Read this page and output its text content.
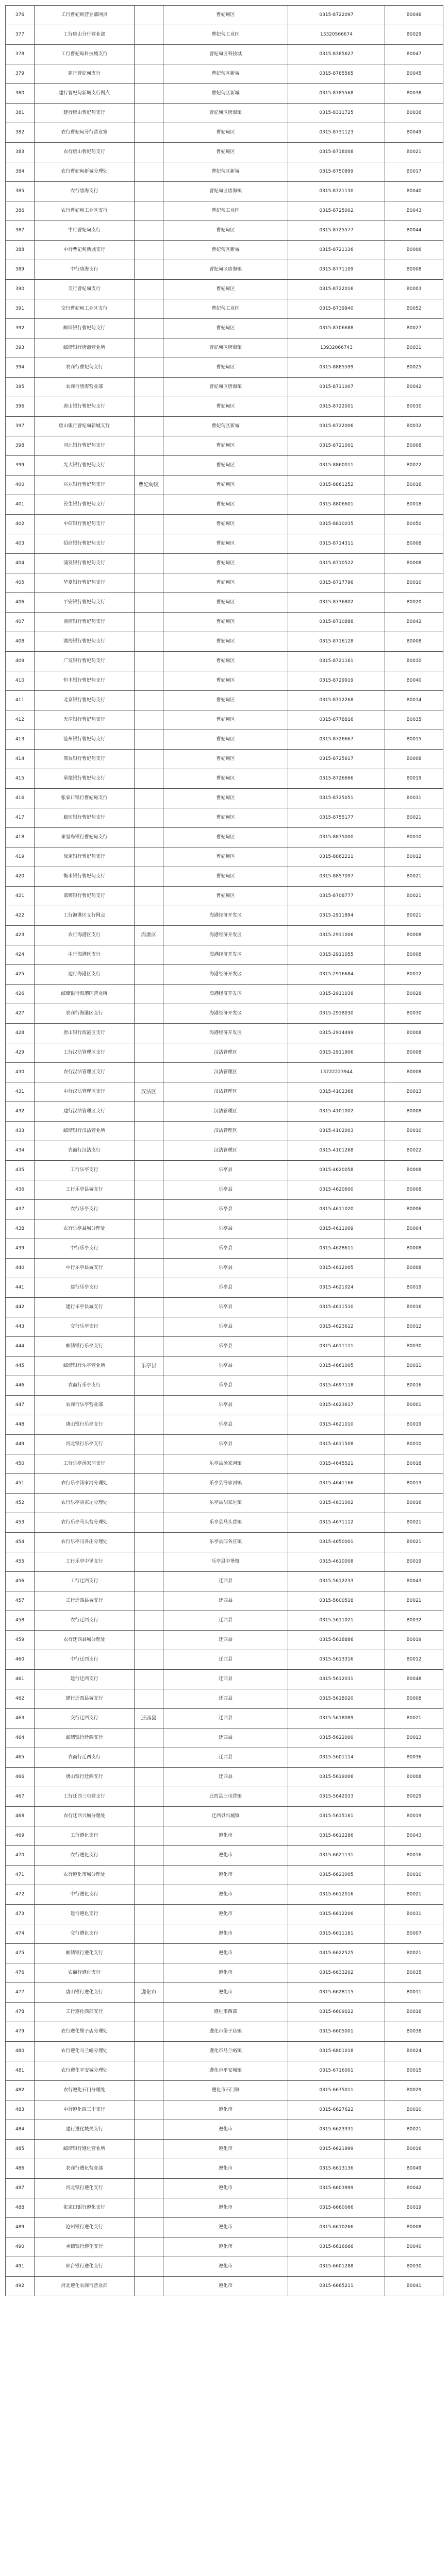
376	工行曹妃甸营业部网点		曹妃甸区	0315-8722097	B0046
377	工行唐山分行营业部		曹妃甸工业区	13320566674	B0029
378	工行曹妃甸科技城支行		曹妃甸区科技城	0315-8385627	B0047
379	建行曹妃甸支行		曹妃甸区新城	0315-8785565	B0045
380	建行曹妃甸新城支行网点		曹妃甸区新城	0315-8785568	B0038
381	建行唐山曹妃甸支行		曹妃甸区唐海镇	0315-8311725	B0036
382	农行曹妃甸分行营业室		曹妃甸区	0315-8731123	B0049
383	农行唐山曹妃甸支行		曹妃甸区	0315-8718008	B0021
384	农行曹妃甸新城分理处		曹妃甸区新城	0315-8750899	B0017
385	农行唐海支行		曹妃甸区唐海镇	0315-8721130	B0040
386	农行曹妃甸工业区支行		曹妃甸工业区	0315-8725002	B0043
387	中行曹妃甸支行		曹妃甸区	0315-8725577	B0044
388	中行曹妃甸新城支行		曹妃甸区新城	0315-8721136	B0006
389	中行唐海支行		曹妃甸区唐海镇	0315-8771109	B0008
390	交行曹妃甸支行		曹妃甸区	0315-8722016	B0003
391	交行曹妃甸工业区支行		曹妃甸工业区	0315-8739940	B0052
392	邮储银行曹妃甸支行		曹妃甸区	0315-8706688	B0027
393	邮储银行唐海营业所		曹妃甸区唐海镇	13932066743	B0031
394	农商行曹妃甸支行		曹妃甸区	0315-8885599	B0025
395	农商行唐海营业部		曹妃甸区唐海镇	0315-8711007	B0042
396	唐山银行曹妃甸支行		曹妃甸区	0315-8722001	B0030
397	唐山银行曹妃甸新城支行		曹妃甸区新城	0315-8722006	B0032
398	河北银行曹妃甸支行		曹妃甸区	0315-8721001	B0008
399	光大银行曹妃甸支行		曹妃甸区	0315-8860011	B0022
400	兴业银行曹妃甸支行	曹妃甸区	曹妃甸区	0315-8861252	B0016
401	民生银行曹妃甸支行		曹妃甸区	0315-8806601	B0018
402	中信银行曹妃甸支行		曹妃甸区	0315-8810035	B0050
403	招商银行曹妃甸支行		曹妃甸区	0315-8714311	B0008
404	浦发银行曹妃甸支行		曹妃甸区	0315-8710522	B0008
405	华夏银行曹妃甸支行		曹妃甸区	0315-8717796	B0010
406	平安银行曹妃甸支行		曹妃甸区	0315-8736802	B0020
407	浙商银行曹妃甸支行		曹妃甸区	0315-8710888	B0042
408	渤海银行曹妃甸支行		曹妃甸区	0315-8716128	B0008
409	广发银行曹妃甸支行		曹妃甸区	0315-8721161	B0010
410	恒丰银行曹妃甸支行		曹妃甸区	0315-8729919	B0040
411	北京银行曹妃甸支行		曹妃甸区	0315-8712268	B0014
412	天津银行曹妃甸支行		曹妃甸区	0315-8778816	B0035
413	沧州银行曹妃甸支行		曹妃甸区	0315-8726667	B0015
414	邢台银行曹妃甸支行		曹妃甸区	0315-8725617	B0008
415	承德银行曹妃甸支行		曹妃甸区	0315-8726666	B0019
416	张家口银行曹妃甸支行		曹妃甸区	0315-8725051	B0031
417	廊坊银行曹妃甸支行		曹妃甸区	0315-8755177	B0021
418	秦皇岛银行曹妃甸支行		曹妃甸区	0315-8875000	B0010
419	保定银行曹妃甸支行		曹妃甸区	0315-8862211	B0012
420	衡水银行曹妃甸支行		曹妃甸区	0315-8857097	B0021
421	邯郸银行曹妃甸支行		曹妃甸区	0315-8708777	B0021
422	工行海港区支行网点		海港经济开发区	0315-2911894	B0021
423	农行海港区支行	海港区	海港经济开发区	0315-2911006	B0008
424	中行海港区支行		海港经济开发区	0315-2911055	B0008
425	建行海港区支行		海港经济开发区	0315-2916684	B0012
426	邮储银行海港区营业所		海港经济开发区	0315-2911038	B0028
427	农商行海港区支行		海港经济开发区	0315-2918030	B0030
428	唐山银行海港区支行		海港经济开发区	0315-2914499	B0008
429	工行汉沽管理区支行		汉沽管理区	0315-2911806	B0008
430	农行汉沽管理区支行		汉沽管理区	13722223944	B0008
431	中行汉沽管理区支行	汉沽区	汉沽管理区	0315-4102368	B0013
432	建行汉沽管理区支行		汉沽管理区	0315-4101002	B0008
433	邮储银行汉沽营业所		汉沽管理区	0315-4102003	B0010
434	农商行汉沽支行		汉沽管理区	0315-4101268	B0022
435	工行乐亭支行		乐亭县	0315-4620058	B0008
436	工行乐亭县城支行		乐亭县	0315-4620600	B0008
437	农行乐亭支行		乐亭县	0315-4611020	B0006
438	农行乐亭县城分理处		乐亭县	0315-4611009	B0004
439	中行乐亭支行		乐亭县	0315-4628611	B0008
440	中行乐亭县城支行		乐亭县	0315-4612005	B0008
441	建行乐亭支行		乐亭县	0315-4621024	B0019
442	建行乐亭县城支行		乐亭县	0315-4611510	B0016
443	交行乐亭支行		乐亭县	0315-4623612	B0012
444	邮储银行乐亭支行		乐亭县	0315-4611111	B0030
445	邮储银行乐亭营业所	乐亭县	乐亭县	0315-4661005	B0011
446	农商行乐亭支行		乐亭县	0315-4697118	B0016
447	农商行乐亭营业部		乐亭县	0315-4623617	B0001
448	唐山银行乐亭支行		乐亭县	0315-4621010	B0019
449	河北银行乐亭支行		乐亭县	0315-4611508	B0010
450	工行乐亭汤家河支行		乐亭县汤家河镇	0315-4645521	B0018
451	农行乐亭汤家河分理处		乐亭县汤家河镇	0315-4641166	B0013
452	农行乐亭胡家坨分理处		乐亭县胡家坨镇	0315-4631002	B0016
453	农行乐亭马头营分理处		乐亭县马头营镇	0315-4671112	B0021
454	农行乐亭闫各庄分理处		乐亭县闫各庄镇	0315-4650001	B0021
455	工行乐亭中堡支行		乐亭县中堡镇	0315-4610008	B0019
456	工行迁西支行		迁西县	0315-5612233	B0043
457	工行迁西县城支行		迁西县	0315-5600518	B0021
458	农行迁西支行		迁西县	0315-5611021	B0032
459	农行迁西县城分理处		迁西县	0315-5618886	B0019
460	中行迁西支行		迁西县	0315-5613316	B0012
461	建行迁西支行		迁西县	0315-5612031	B0048
462	建行迁西县城支行		迁西县	0315-5618020	B0008
463	交行迁西支行	迁西县	迁西县	0315-5618089	B0021
464	邮储银行迁西支行		迁西县	0315-5622000	B0013
465	农商行迁西支行		迁西县	0315-5601114	B0036
466	唐山银行迁西支行		迁西县	0315-5619006	B0008
467	工行迁西三屯营支行		迁西县三屯营镇	0315-5642033	B0029
468	农行迁西兴城分理处		迁西县兴城镇	0315-5615161	B0019
469	工行遵化支行		遵化市	0315-6612286	B0043
470	农行遵化支行		遵化市	0315-6621131	B0016
471	农行遵化市城分理处		遵化市	0315-6623005	B0010
472	中行遵化支行		遵化市	0315-6612016	B0021
473	建行遵化支行		遵化市	0315-6612206	B0031
474	交行遵化支行		遵化市	0315-6611161	B0007
475	邮储银行遵化支行		遵化市	0315-6622525	B0021
476	农商行遵化支行		遵化市	0315-6633202	B0035
477	唐山银行遵化支行	遵化市	遵化市	0315-6628115	B0011
478	工行遵化西部支行		遵化市西部	0315-6609022	B0016
479	农行遵化堡子店分理处		遵化市堡子店镇	0315-6605001	B0038
480	农行遵化马兰峪分理处		遵化市马兰峪镇	0315-6801018	B0024
481	农行遵化平安城分理处		遵化市平安城镇	0315-6716001	B0015
482	农行遵化石门分理处		遵化市石门镇	0315-6675011	B0029
483	中行遵化西三里支行		遵化市	0315-6627622	B0010
484	建行遵化城关支行		遵化市	0315-6623331	B0021
485	邮储银行遵化营业所		遵化市	0315-6621999	B0016
486	农商行遵化营业部		遵化市	0315-6613136	B0049
487	河北银行遵化支行		遵化市	0315-6603999	B0042
488	张家口银行遵化支行		遵化市	0315-6660066	B0019
489	沧州银行遵化支行		遵化市	0315-6610266	B0008
490	承德银行遵化支行		遵化市	0315-6616666	B0040
491	邢台银行遵化支行		遵化市	0315-6601288	B0030
492	河北遵化农商行营业部		遵化市	0315-6665211	B0041
